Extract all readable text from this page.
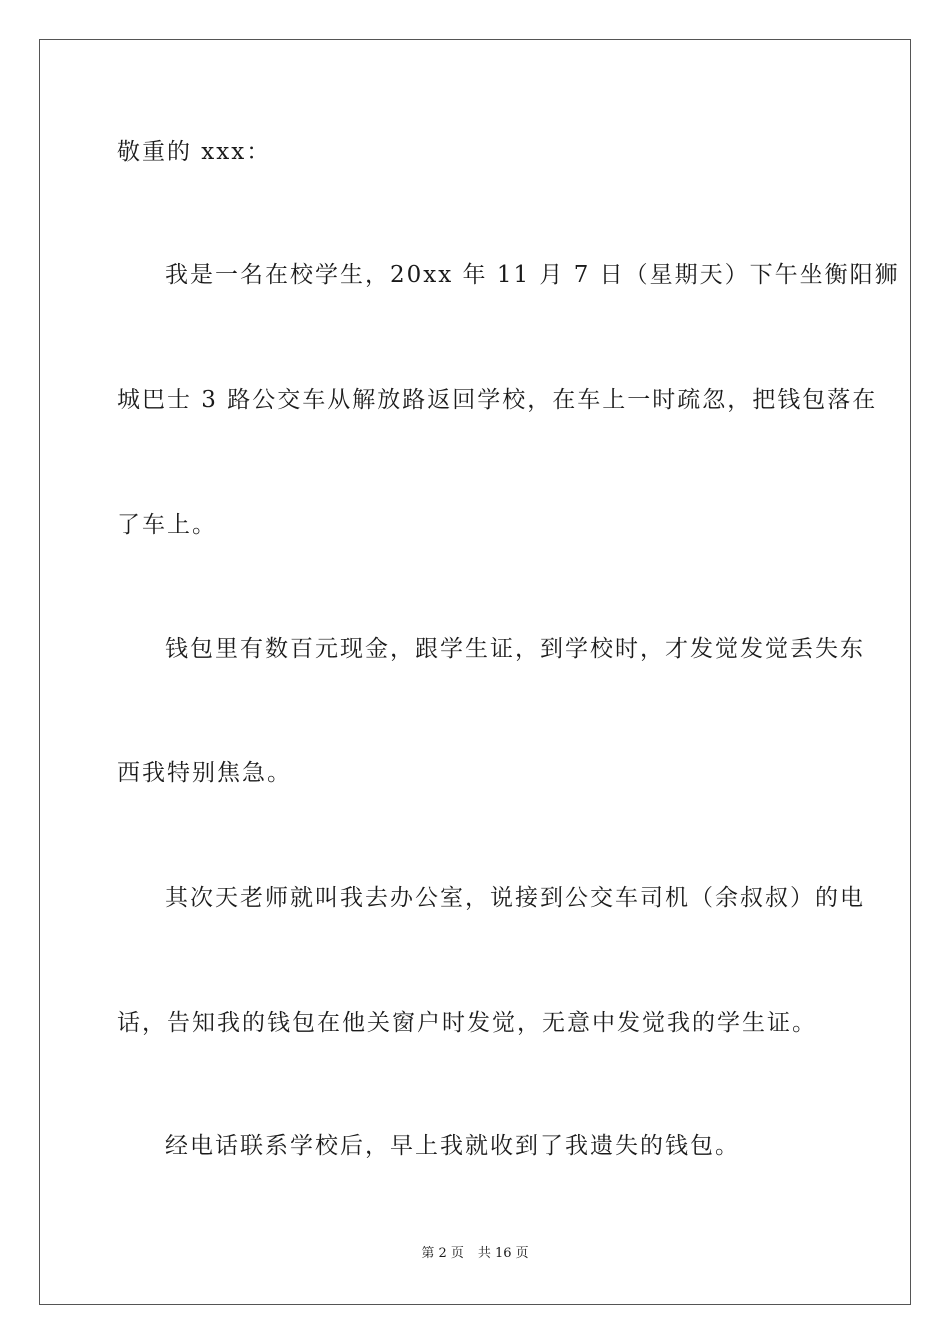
敬重的 xxx：
我是一名在校学生，20xx 年 11 月 7 日（星期天）下午坐衡阳狮
城巴士 3 路公交车从解放路返回学校，在车上一时疏忽，把钱包落在
了车上。
钱包里有数百元现金，跟学生证，到学校时，才发觉发觉丢失东
西我特别焦急。
其次天老师就叫我去办公室，说接到公交车司机（余叔叔）的电
话，告知我的钱包在他关窗户时发觉，无意中发觉我的学生证。
经电话联系学校后，早上我就收到了我遗失的钱包。
第 2 页 共 16 页
